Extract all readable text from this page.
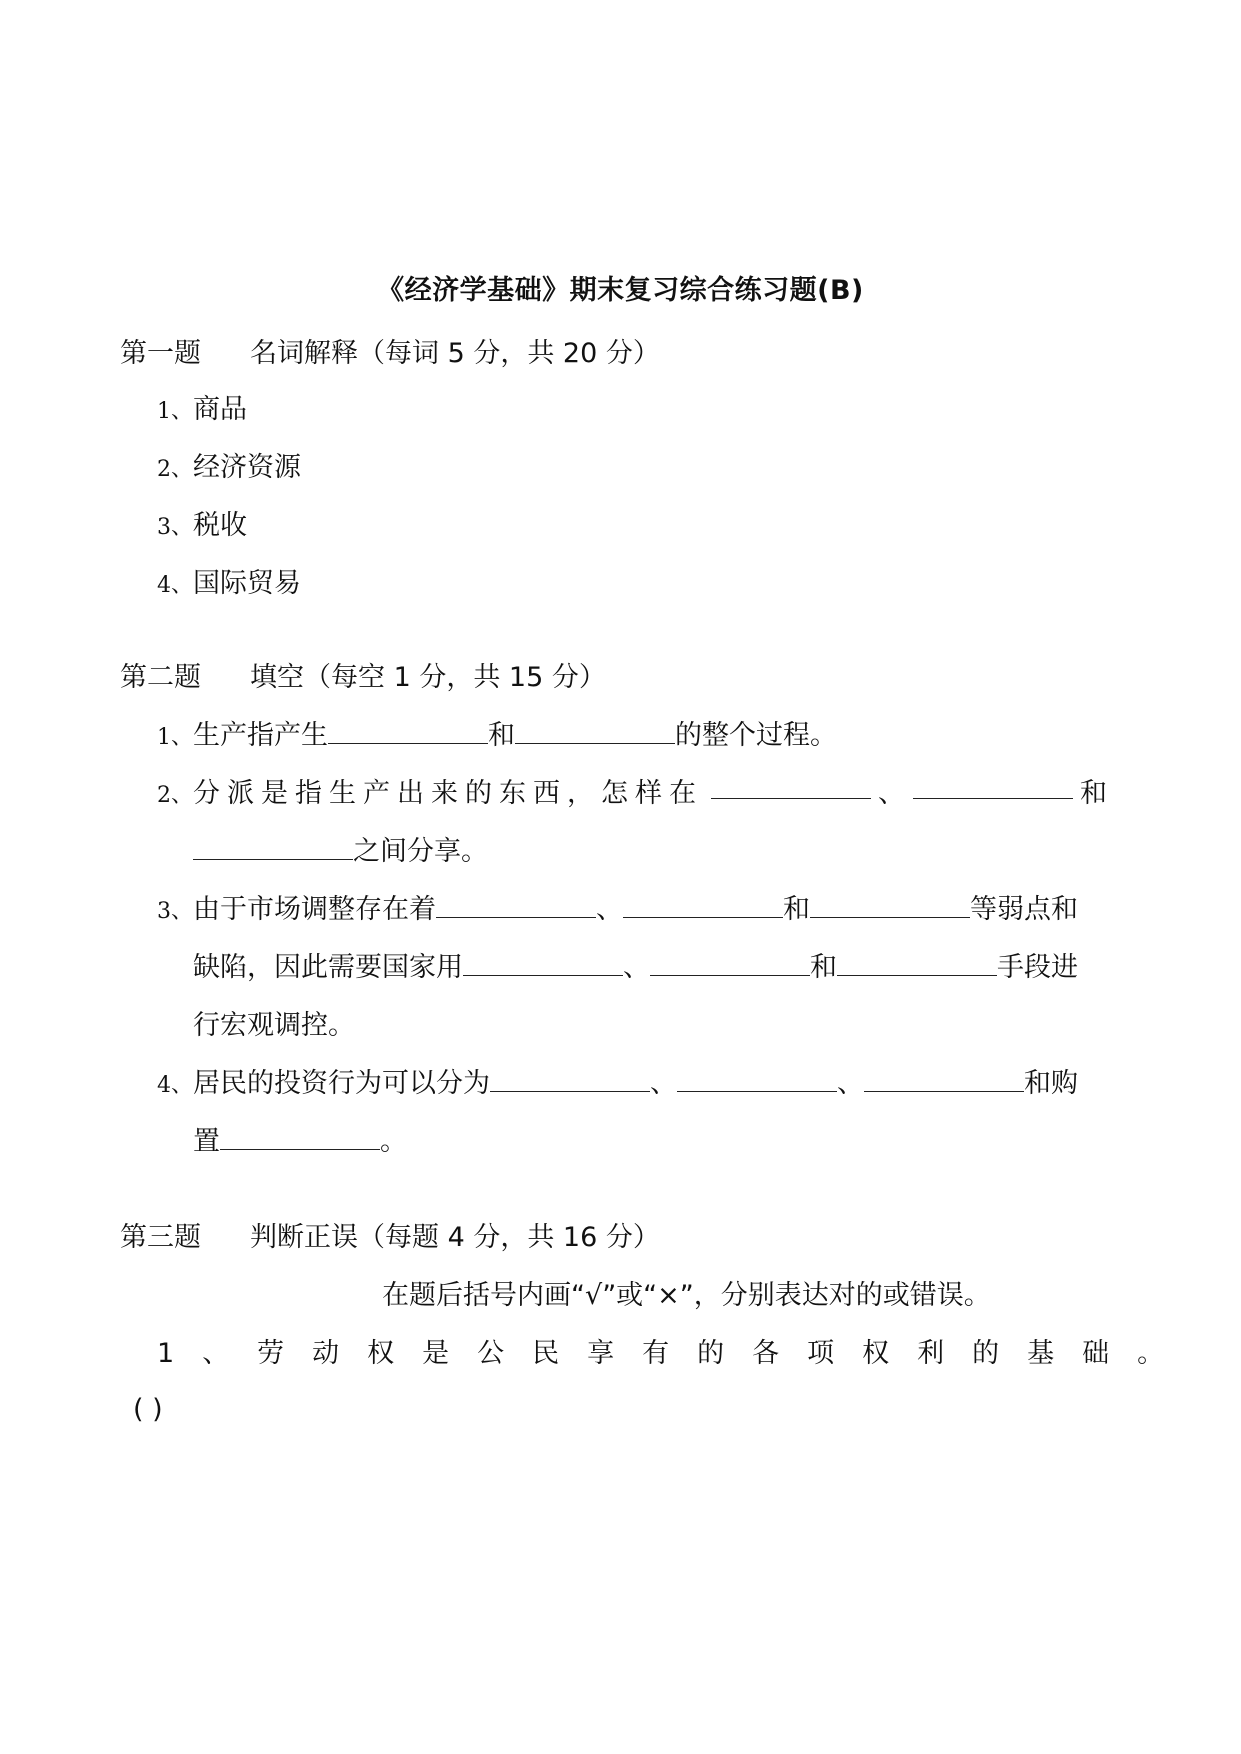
《经济学基础》期末复习综合练习题(B)
第一题 名词解释（每词 5 分，共 20 分）
1、商品
2、经济资源
3、税收
4、国际贸易
第二题 填空（每空 1 分，共 15 分）
1、生产指产生	和	的整个过程。
2、分派是指生产出来的东西，怎样在	、	和
之间分享。
3、由于市场调整存在着	、	和	等弱点和
缺陷，因此需要国家用	、	和	手段进
行宏观调控。
4、居民的投资行为可以分为	、	、	和购
置	。
第三题 判断正误（每题 4 分，共 16 分）
在题后括号内画“√”或“×”，分别表达对的或错误。
1 、劳动权是公民享有的各项权利的基础。
( )
